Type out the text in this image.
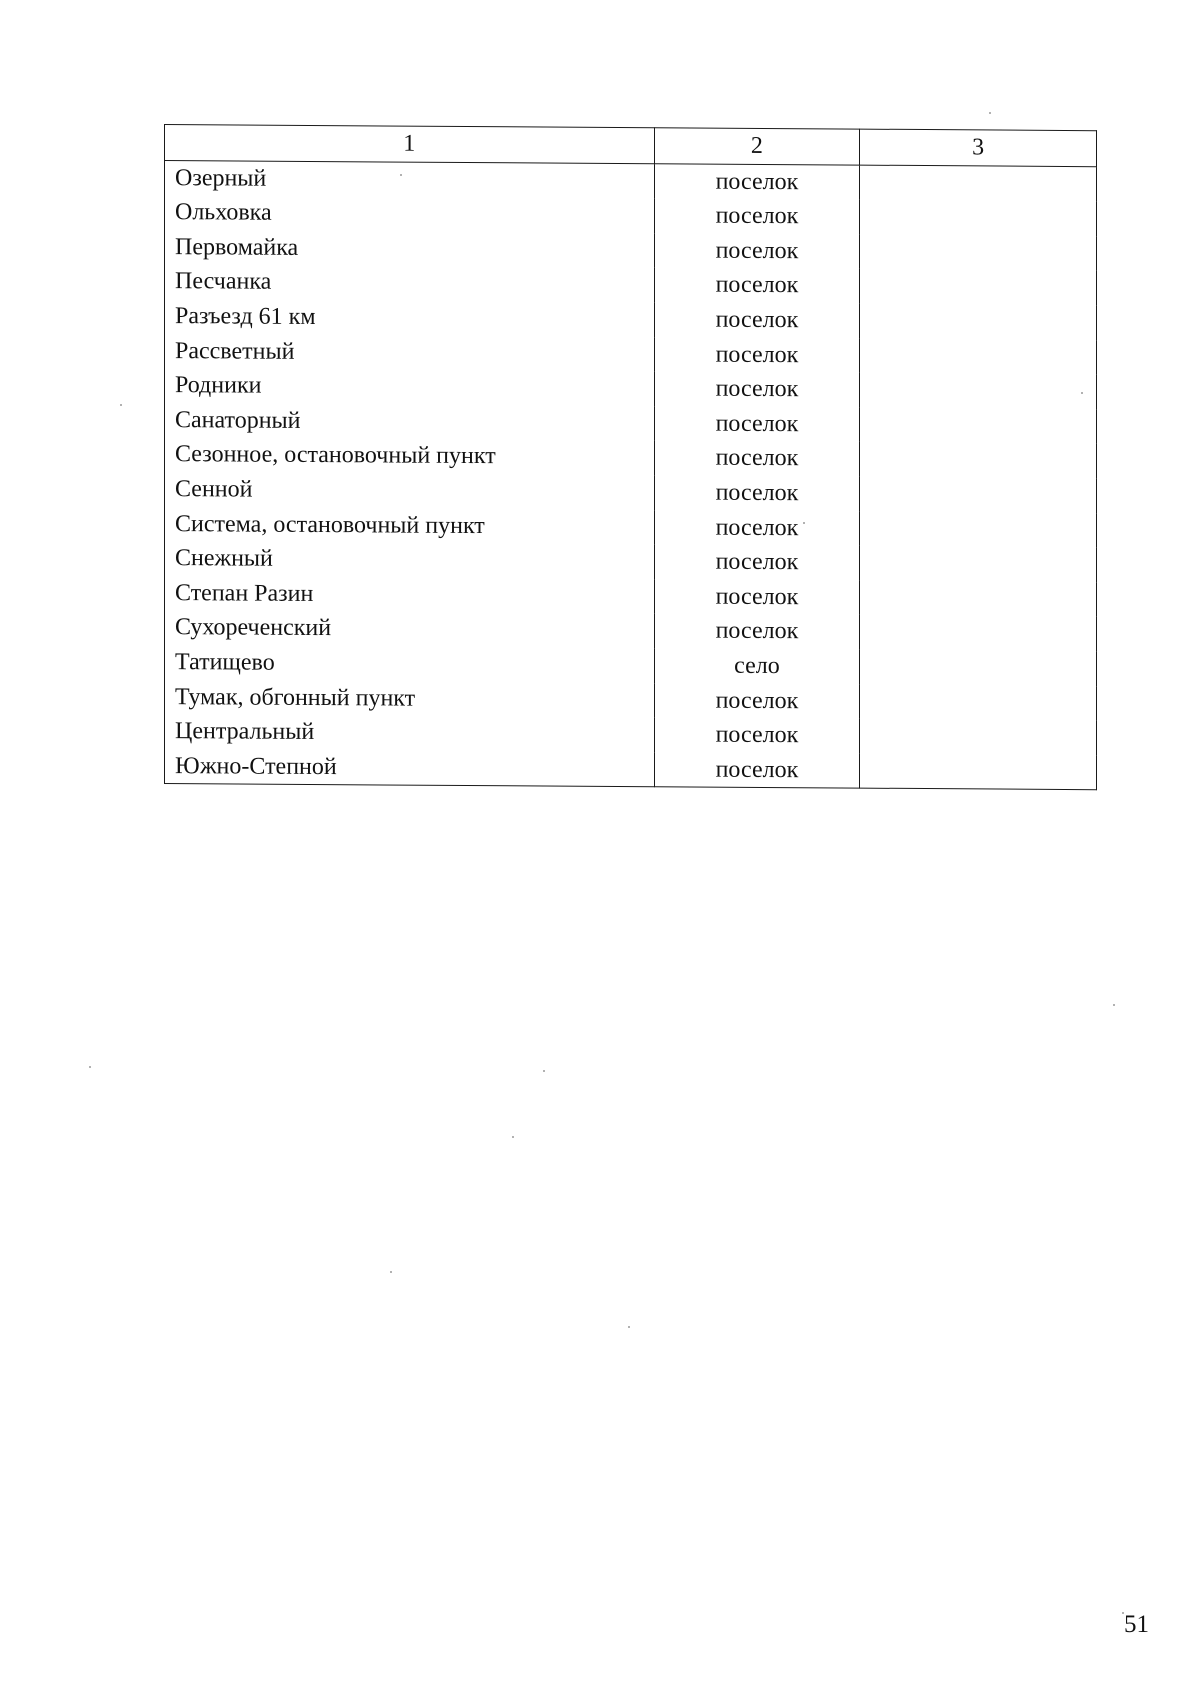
1	2	3
Озерный	поселок	
Ольховка	поселок	
Первомайка	поселок	
Песчанка	поселок	
Разъезд 61 км	поселок	
Рассветный	поселок	
Родники	поселок	
Санаторный	поселок	
Сезонное, остановочный пункт	поселок	
Сенной	поселок	
Система, остановочный пункт	поселок	
Снежный	поселок	
Степан Разин	поселок	
Сухореченский	поселок	
Татищево	село	
Тумак, обгонный пункт	поселок	
Центральный	поселок	
Южно-Степной	поселок	
51
